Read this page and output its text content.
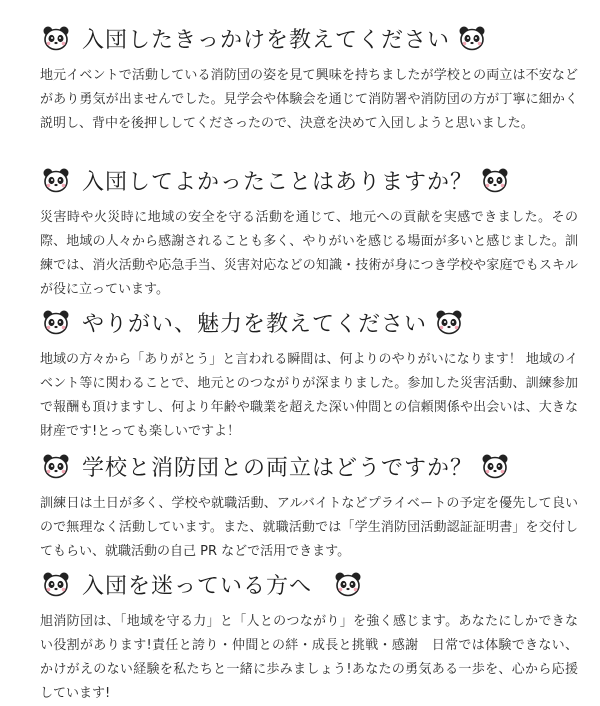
入団したきっかけを教えてください

地元イベントで活動している消防団の姿を見て興味を持ちましたが学校との両立は不安などがあり勇気が出ませんでした。見学会や体験会を通じて消防署や消防団の方が丁寧に細かく説明し、背中を後押ししてくださったので、決意を決めて入団しようと思いました。

入団してよかったことはありますか？

災害時や火災時に地域の安全を守る活動を通じて、地元への貢献を実感できました。その際、地域の人々から感謝されることも多く、やりがいを感じる場面が多いと感じました。訓練では、消火活動や応急手当、災害対応などの知識・技術が身につき学校や家庭でもスキルが役に立っています。

やりがい、魅力を教えてください

地域の方々から「ありがとう」と言われる瞬間は、何よりのやりがいになります！ 地域のイベント等に関わることで、地元とのつながりが深まりました。参加した災害活動、訓練参加で報酬も頂けますし、何より年齢や職業を超えた深い仲間との信頼関係や出会いは、大きな財産です!とっても楽しいですよ！

学校と消防団との両立はどうですか？

訓練日は土日が多く、学校や就職活動、アルバイトなどプライベートの予定を優先して良いので無理なく活動しています。また、就職活動では「学生消防団活動認証証明書」を交付してもらい、就職活動の自己 PR などで活用できます。

入団を迷っている方へ

旭消防団は、「地域を守る力」と「人とのつながり」を強く感じます。あなたにしかできない役割があります!責任と誇り・仲間との絆・成長と挑戦・感謝　日常では体験できない、かけがえのない経験を私たちと一緒に歩みましょう!あなたの勇気ある一歩を、心から応援しています!
